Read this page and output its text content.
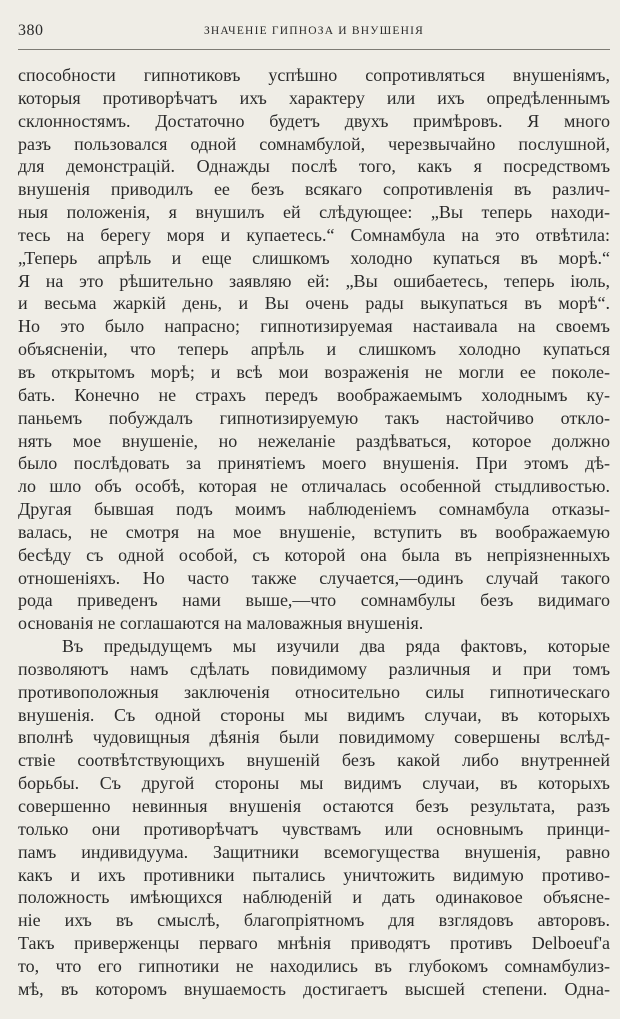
380	ЗНАЧЕНІЕ ГИПНОЗА И ВНУШЕНІЯ
способности гипнотиковъ успѣшно сопротивляться внушеніямъ,
которыя противорѣчатъ ихъ характеру или ихъ опредѣленнымъ
склонностямъ. Достаточно будетъ двухъ примѣровъ. Я много
разъ пользовался одной сомнамбулой, черезвычайно послушной,
для демонстрацій. Однажды послѣ того, какъ я посредствомъ
внушенія приводилъ ее безъ всякаго сопротивленія въ различ-
ныя положенія, я внушилъ ей слѣдующее: „Вы теперь находи-
тесь на берегу моря и купаетесь.“ Сомнамбула на это отвѣтила:
„Теперь апрѣль и еще слишкомъ холодно купаться въ морѣ.“
Я на это рѣшительно заявляю ей: „Вы ошибаетесь, теперь іюль,
и весьма жаркій день, и Вы очень рады выкупаться въ морѣ“.
Но это было напрасно; гипнотизируемая настаивала на своемъ
объясненіи, что теперь апрѣль и слишкомъ холодно купаться
въ открытомъ морѣ; и всѣ мои возраженія не могли ее поколе-
бать. Конечно не страхъ передъ воображаемымъ холоднымъ ку-
паньемъ побуждалъ гипнотизируемую такъ настойчиво откло-
нять мое внушеніе, но нежеланіе раздѣваться, которое должно
было послѣдовать за принятіемъ моего внушенія. При этомъ дѣ-
ло шло объ особѣ, которая не отличалась особенной стыдливостью.
Другая бывшая подъ моимъ наблюденіемъ сомнамбула отказы-
валась, не смотря на мое внушеніе, вступить въ воображаемую
бесѣду съ одной особой, съ которой она была въ непріязненныхъ
отношеніяхъ. Но часто также случается,—одинъ случай такого
рода приведенъ нами выше,—что сомнамбулы безъ видимаго
основанія не соглашаются на маловажныя внушенія.
Въ предыдущемъ мы изучили два ряда фактовъ, которые
позволяютъ намъ сдѣлать повидимому различныя и при томъ
противоположныя заключенія относительно силы гипнотическаго
внушенія. Съ одной стороны мы видимъ случаи, въ которыхъ
вполнѣ чудовищныя дѣянія были повидимому совершены вслѣд-
ствіе соотвѣтствующихъ внушеній безъ какой либо внутренней
борьбы. Съ другой стороны мы видимъ случаи, въ которыхъ
совершенно невинныя внушенія остаются безъ результата, разъ
только они противорѣчатъ чувствамъ или основнымъ принци-
памъ индивидуума. Защитники всемогущества внушенія, равно
какъ и ихъ противники пытались уничтожить видимую противо-
положность имѣющихся наблюденій и дать одинаковое объясне-
ніе ихъ въ смыслѣ, благопріятномъ для взглядовъ авторовъ.
Такъ приверженцы перваго мнѣнія приводятъ противъ Delboeuf'a
то, что его гипнотики не находились въ глубокомъ сомнамбулиз-
мѣ, въ которомъ внушаемость достигаетъ высшей степени. Одна-
